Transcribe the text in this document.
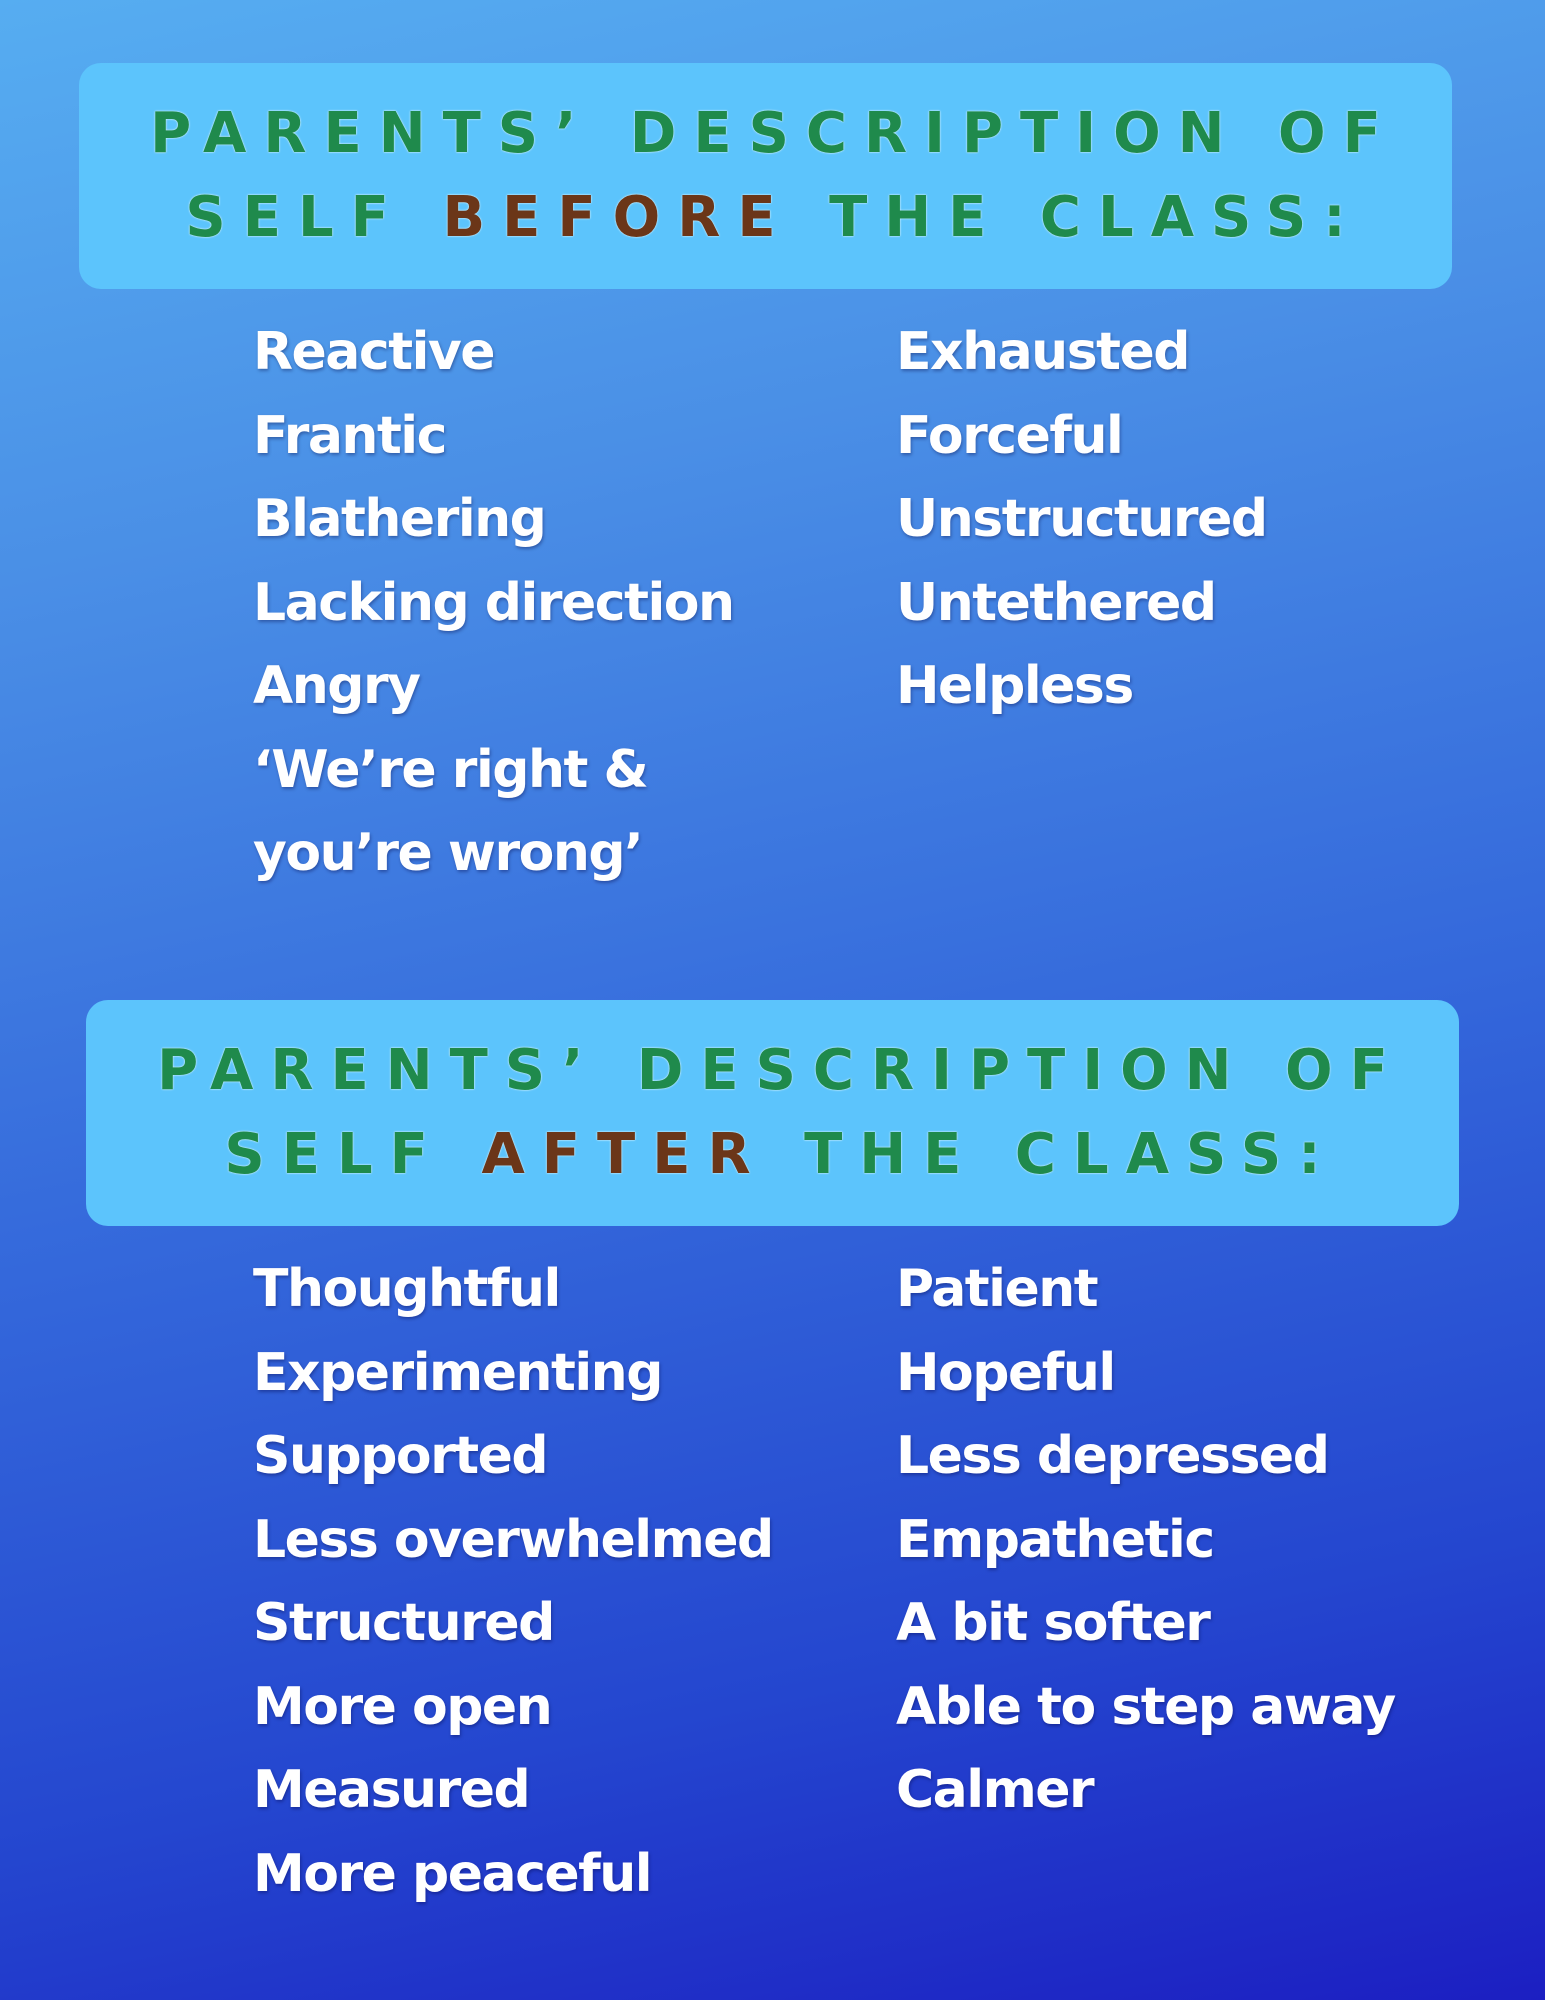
PARENTS’ DESCRIPTION OF
SELF BEFORE THE CLASS:
Reactive
Frantic
Blathering
Lacking direction
Angry
‘We’re right &
you’re wrong’
Exhausted
Forceful
Unstructured
Untethered
Helpless
PARENTS’ DESCRIPTION OF
SELF AFTER THE CLASS:
Thoughtful
Experimenting
Supported
Less overwhelmed
Structured
More open
Measured
More peaceful
Patient
Hopeful
Less depressed
Empathetic
A bit softer
Able to step away
Calmer
